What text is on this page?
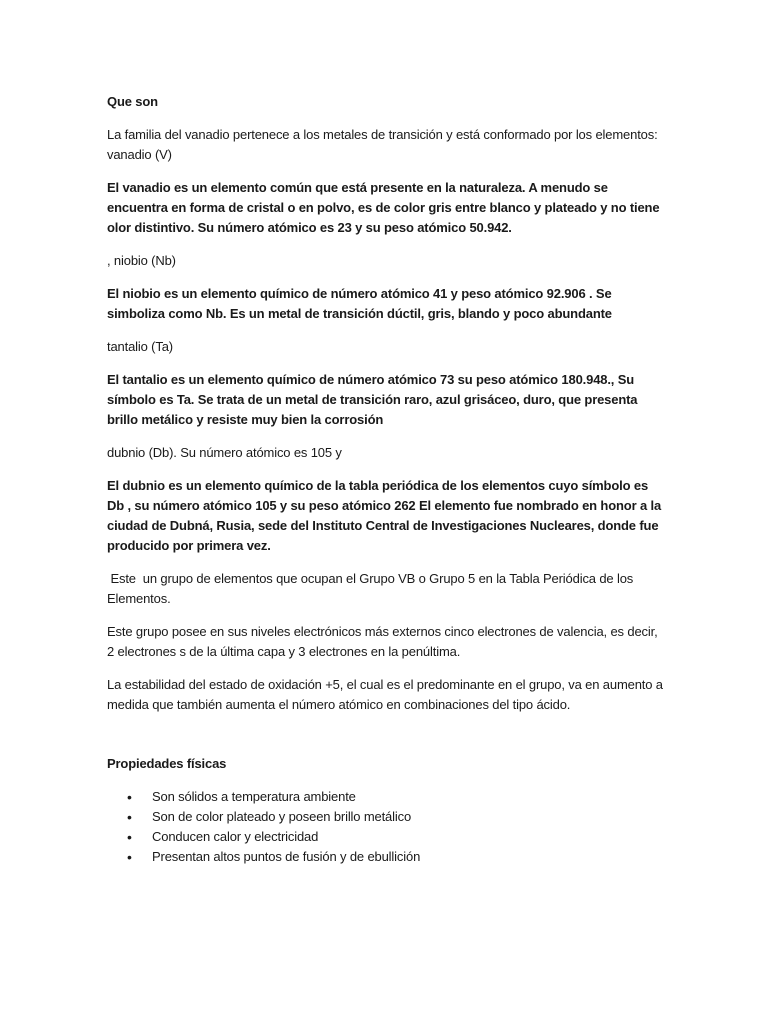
Que son

La familia del vanadio pertenece a los metales de transición y está conformado por los elementos: vanadio (V)

El vanadio es un elemento común que está presente en la naturaleza. A menudo se encuentra en forma de cristal o en polvo, es de color gris entre blanco y plateado y no tiene olor distintivo. Su número atómico es 23 y su peso atómico 50.942.

, niobio (Nb)

El niobio es un elemento químico de número atómico 41 y peso atómico 92.906 . Se simboliza como Nb. Es un metal de transición dúctil, gris, blando y poco abundante

tantalio (Ta)

El tantalio es un elemento químico de número atómico 73 su peso atómico 180.948., Su símbolo es Ta. Se trata de un metal de transición raro, azul grisáceo, duro, que presenta brillo metálico y resiste muy bien la corrosión

dubnio (Db). Su número atómico es 105 y

El dubnio es un elemento químico de la tabla periódica de los elementos cuyo símbolo es Db , su número atómico 105 y su peso atómico 262 El elemento fue nombrado en honor a la ciudad de Dubná, Rusia, sede del Instituto Central de Investigaciones Nucleares, donde fue producido por primera vez.

Este  un grupo de elementos que ocupan el Grupo VB o Grupo 5 en la Tabla Periódica de los Elementos.

Este grupo posee en sus niveles electrónicos más externos cinco electrones de valencia, es decir, 2 electrones s de la última capa y 3 electrones en la penúltima.

La estabilidad del estado de oxidación +5, el cual es el predominante en el grupo, va en aumento a medida que también aumenta el número atómico en combinaciones del tipo ácido.

Propiedades físicas

• Son sólidos a temperatura ambiente
• Son de color plateado y poseen brillo metálico
• Conducen calor y electricidad
• Presentan altos puntos de fusión y de ebullición
